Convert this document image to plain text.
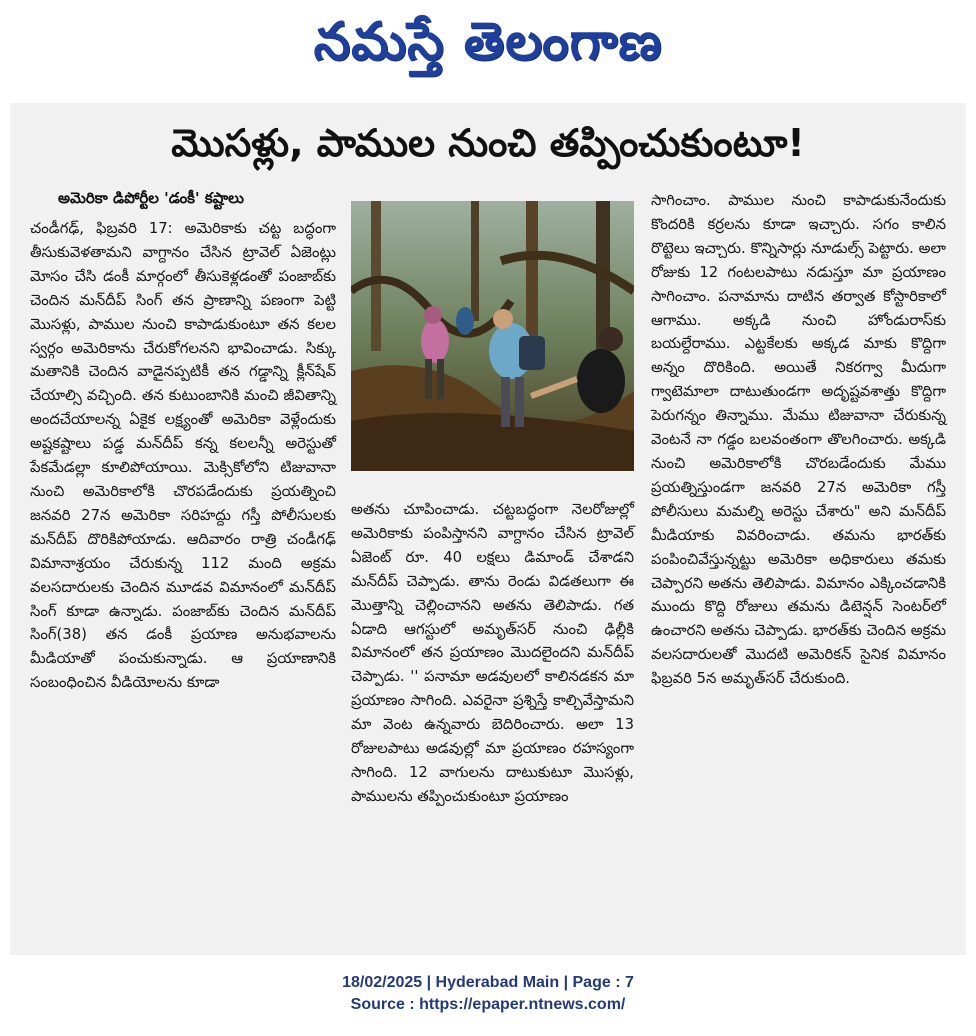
నమస్తే తెలంగాణ
మొసళ్లు, పాముల నుంచి తప్పించుకుంటూ!
అమెరికా డిపోర్టీల 'డంకీ' కష్టాలు
చండీగఢ్‌, ఫిబ్రవరి 17: అమెరికాకు చట్ట బద్ధంగా తీసుకువెళతామని వాగ్దానం చేసిన ట్రావెల్‌ ఏజెంట్లు మోసం చేసి డంకీ మార్గంలో తీసుకెళ్లడంతో పంజాబ్‌కు చెందిన మన్‌దీప్‌ సింగ్‌ తన ప్రాణాన్ని పణంగా పెట్టి మొసళ్లు, పాముల నుంచి కాపాడుకుంటూ తన కలల స్వర్గం అమెరికాను చేరుకోగలనని భావించాడు. సిక్కు మతానికి చెందిన వాడైనప్పటికీ తన గడ్డాన్ని క్లీన్‌షేవ్‌ చేయాల్సి వచ్చింది. తన కుటుంబానికి మంచి జీవితాన్ని అందచేయాలన్న ఏకైక లక్ష్యంతో అమెరికా వెళ్లేందుకు అష్టకష్టాలు పడ్డ మన్‌దీప్‌ కన్న కలలన్నీ అరెస్టుతో పేకమేడల్లా కూలిపోయాయి. మెక్సికోలోని టిజువానా నుంచి అమెరికాలోకి చొరపడేందుకు ప్రయత్నించి జనవరి 27న అమెరికా సరిహద్దు గస్తీ పోలీసులకు మన్‌దీప్‌ దొరికిపోయాడు. ఆదివారం రాత్రి చండీగఢ్‌ విమానాశ్రయం చేరుకున్న 112 మంది అక్రమ వలసదారులకు చెందిన మూడవ విమానంలో మన్‌దీప్‌ సింగ్‌ కూడా ఉన్నాడు. పంజాబ్‌కు చెందిన మన్‌దీప్‌ సింగ్‌(38) తన డంకీ ప్రయాణ అనుభవాలను మీడియాతో పంచుకున్నాడు. ఆ ప్రయాణానికి సంబంధించిన వీడియోలను కూడా
అతను చూపించాడు. చట్టబద్ధంగా నెలరోజుల్లో అమెరికాకు పంపిస్తానని వాగ్దానం చేసిన ట్రావెల్‌ ఏజెంట్‌ రూ. 40 లక్షలు డిమాండ్‌ చేశాడని మన్‌దీప్‌ చెప్పాడు. తాను రెండు విడతలుగా ఈ మొత్తాన్ని చెల్లించానని అతను తెలిపాడు. గత ఏడాది ఆగస్టులో అమృత్‌సర్‌ నుంచి ఢిల్లీకి విమానంలో తన ప్రయాణం మొదలైందని మన్‌దీప్‌ చెప్పాడు. '' పనామా అడవులలో కాలినడకన మా ప్రయాణం సాగింది. ఎవరైనా ప్రశ్నిస్తే కాల్చివేస్తామని మా వెంట ఉన్నవారు బెదిరించారు. అలా 13 రోజులపాటు అడవుల్లో మా ప్రయాణం రహస్యంగా సాగింది. 12 వాగులను దాటుకుటూ మొసళ్లు, పాములను తప్పించుకుంటూ ప్రయాణం
సాగించాం. పాముల నుంచి కాపాడుకునేందుకు కొందరికి కర్రలను కూడా ఇచ్చారు. సగం కాలిన రొట్టెలు ఇచ్చారు. కొన్నిసార్లు నూడుల్స్‌ పెట్టారు. అలా రోజుకు 12 గంటలపాటు నడుస్తూ మా ప్రయాణం సాగించాం. పనామాను దాటిన తర్వాత కోస్టారికాలో ఆగాము. అక్కడి నుంచి హోండురాస్‌కు బయల్దేరాము. ఎట్టకేలకు అక్కడ మాకు కొద్దిగా అన్నం దొరికింది. అయితే నికరగ్వా మీదుగా గ్వాటెమాలా దాటుతుండగా అదృష్టవశాత్తు కొద్దిగా పెరుగన్నం తిన్నాము. మేము టిజువానా చేరుకున్న వెంటనే నా గడ్డం బలవంతంగా తొలగించారు. అక్కడి నుంచి అమెరికాలోకి చొరబడేందుకు మేము ప్రయత్నిస్తుండగా జనవరి 27న అమెరికా గస్తీ పోలీసులు మమల్ని అరెస్టు చేశారు" అని మన్‌దీప్‌ మీడియాకు వివరించాడు. తమను భారత్‌కు పంపించివేస్తున్నట్టు అమెరికా అధికారులు తమకు చెప్పారని అతను తెలిపాడు. విమానం ఎక్కించడానికి ముందు కొద్ది రోజులు తమను డిటెన్షన్‌ సెంటర్‌లో ఉంచారని అతను చెప్పాడు. భారత్‌కు చెందిన అక్రమ వలసదారులతో మొదటి అమెరికన్‌ సైనిక విమానం ఫిబ్రవరి 5న అమృత్‌సర్‌ చేరుకుంది.
18/02/2025 | Hyderabad Main | Page : 7
Source : https://epaper.ntnews.com/
